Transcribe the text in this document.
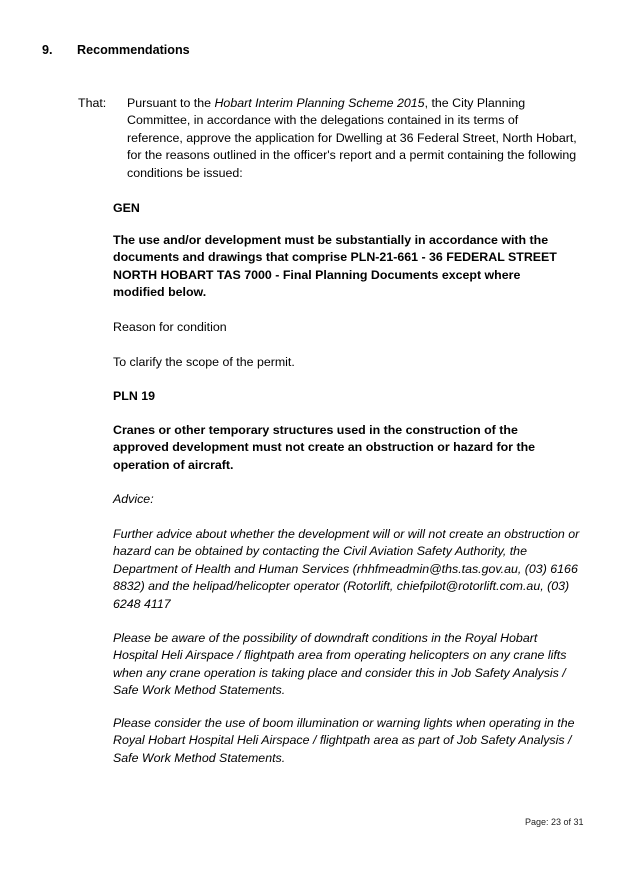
9.	Recommendations
That: Pursuant to the Hobart Interim Planning Scheme 2015, the City Planning Committee, in accordance with the delegations contained in its terms of reference, approve the application for Dwelling at 36 Federal Street, North Hobart, for the reasons outlined in the officer's report and a permit containing the following conditions be issued:

GEN

The use and/or development must be substantially in accordance with the documents and drawings that comprise PLN-21-661 - 36 FEDERAL STREET NORTH HOBART TAS 7000 - Final Planning Documents except where modified below.

Reason for condition

To clarify the scope of the permit.

PLN 19

Cranes or other temporary structures used in the construction of the approved development must not create an obstruction or hazard for the operation of aircraft.

Advice:

Further advice about whether the development will or will not create an obstruction or hazard can be obtained by contacting the Civil Aviation Safety Authority, the Department of Health and Human Services (rhhfmeadmin@ths.tas.gov.au, (03) 6166 8832) and the helipad/helicopter operator (Rotorlift, chiefpilot@rotorlift.com.au, (03) 6248 4117

Please be aware of the possibility of downdraft conditions in the Royal Hobart Hospital Heli Airspace / flightpath area from operating helicopters on any crane lifts when any crane operation is taking place and consider this in Job Safety Analysis / Safe Work Method Statements.

Please consider the use of boom illumination or warning lights when operating in the Royal Hobart Hospital Heli Airspace / flightpath area as part of Job Safety Analysis / Safe Work Method Statements.

Page: 23 of 31
